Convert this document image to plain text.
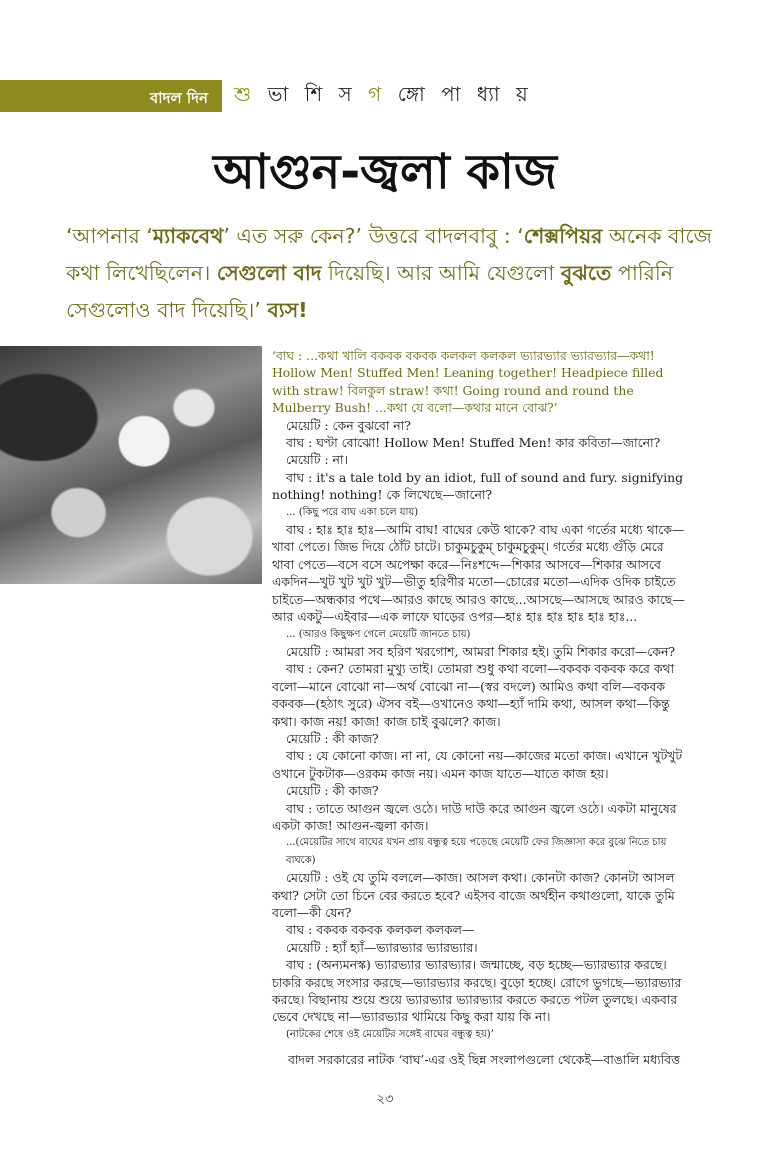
বাদল দিন শু ভা শি স গ ঙ্গো পা ধ্যা য়
আগুন-জ্বলা কাজ
‘আপনার ‘ম্যাকবেথ’ এত সরু কেন?’ উত্তরে বাদলবাবু : ‘শেক্সপিয়র অনেক বাজে কথা লিখেছিলেন। সেগুলো বাদ দিয়েছি। আর আমি যেগুলো বুঝতে পারিনি সেগুলোও বাদ দিয়েছি।’ ব্যস!

‘বাঘ : ...কথা খালি বকবক বকবক কলকল কলকল ভ্যারভ্যার ভ্যারভ্যার—কথা! Hollow Men! Stuffed Men! Leaning together! Headpiece filled with straw! বিলকুল straw! কথা! Going round and round the Mulberry Bush! ...কথা যে বলো—কথার মানে বোঝ?’

মেয়েটি : কেন বুঝবো না?

বাঘ : ঘণ্টা বোঝো! Hollow Men! Stuffed Men! কার কবিতা—জানো?

মেয়েটি : না।

বাঘ : it's a tale told by an idiot, full of sound and fury. signifying nothing! nothing! কে লিখেছে—জানো?

... (কিছু পরে বাঘ একা চলে যায়)

বাঘ : হাঃ হাঃ হাঃ—আমি বাঘ! বাঘের কেউ থাকে? বাঘ একা গর্তের মধ্যে থাকে—খাবা পেতে। জিভ দিয়ে ঠোঁট চাটে। চাকুমচুকুম্ চাকুমচুকুম্। গর্তের মধ্যে গুঁড়ি মেরে থাবা পেতে—বসে বসে অপেক্ষা করে—নিঃশব্দে—শিকার আসবে—শিকার আসবে একদিন—খুট খুট খুট খুট—ভীতু হরিণীর মতো—চোরের মতো—এদিক ওদিক চাইতে চাইতে—অন্ধকার পথে—আরও কাছে আরও কাছে...আসছে—আসছে আরও কাছে—আর একটু—এইবার—এক লাফে ঘাড়ের ওপর—হাঃ হাঃ হাঃ হাঃ হাঃ হাঃ...

... (আরও কিছুক্ষণ গেলে মেয়েটি জানতে চায়)

মেয়েটি : আমরা সব হরিণ খরগোশ, আমরা শিকার হই। তুমি শিকার করো—কেন?

বাঘ : কেন? তোমরা মুখ্যু তাই। তোমরা শুধু কথা বলো—বকবক বকবক করে কথা বলো—মানে বোঝো না—অর্থ বোঝো না—(স্বর বদলে) আমিও কথা বলি—বকবক বকবক—(হঠাৎ সুরে) ঐসব বই—ওখানেও কথা—হ্যাঁ দামি কথা, আসল কথা—কিন্তু কথা। কাজ নয়! কাজ! কাজ চাই বুঝলে? কাজ।

মেয়েটি : কী কাজ?

বাঘ : যে কোনো কাজ। না না, যে কোনো নয়—কাজের মতো কাজ। এখানে খুটখুট ওখানে টুকটাক—ওরকম কাজ নয়। এমন কাজ যাতে—যাতে কাজ হয়।

মেয়েটি : কী কাজ?

বাঘ : তাতে আগুন জ্বলে ওঠে। দাউ দাউ করে আগুন জ্বলে ওঠে। একটা মানুষের একটা কাজ! আগুন-জ্বলা কাজ।

...(মেয়েটির সাথে বাঘের যখন প্রায় বন্ধুত্ব হয়ে পড়েছে মেয়েটি ফের জিজ্ঞাসা করে বুঝে নিতে চায় বাঘকে)

মেয়েটি : ওই যে তুমি বললে—কাজ। আসল কথা। কোনটা কাজ? কোনটা আসল কথা? সেটা তো চিনে বের করতে হবে? এইসব বাজে অর্থহীন কথাগুলো, যাকে তুমি বলো—কী যেন?

বাঘ : বকবক বকবক কলকল কলকল—

মেয়েটি : হ্যাঁ হ্যাঁ—ভ্যারভ্যার ভ্যারভ্যার।

বাঘ : (অন্যমনস্ক) ভ্যারভ্যার ভ্যারভ্যার। জন্মাচ্ছে, বড় হচ্ছে—ভ্যারভ্যার করছে। চাকরি করছে সংসার করছে—ভ্যারভ্যার করছে। বুড়ো হচ্ছে। রোগে ভুগছে—ভ্যারভ্যার করছে। বিছানায় শুয়ে শুয়ে ভ্যারভ্যার ভ্যারভ্যার করতে করতে পটল তুলছে। একবার ভেবে দেখছে না—ভ্যারভ্যার থামিয়ে কিছু করা যায় কি না।

(নাটকের শেষে ওই মেয়েটির সঙ্গেই বাঘের বন্ধুত্ব হয়)’

বাদল সরকারের নাটক ‘বাঘ’-এর ওই ছিন্ন সংলাপগুলো থেকেই—বাঙালি মধ্যবিত্ত
২৩
